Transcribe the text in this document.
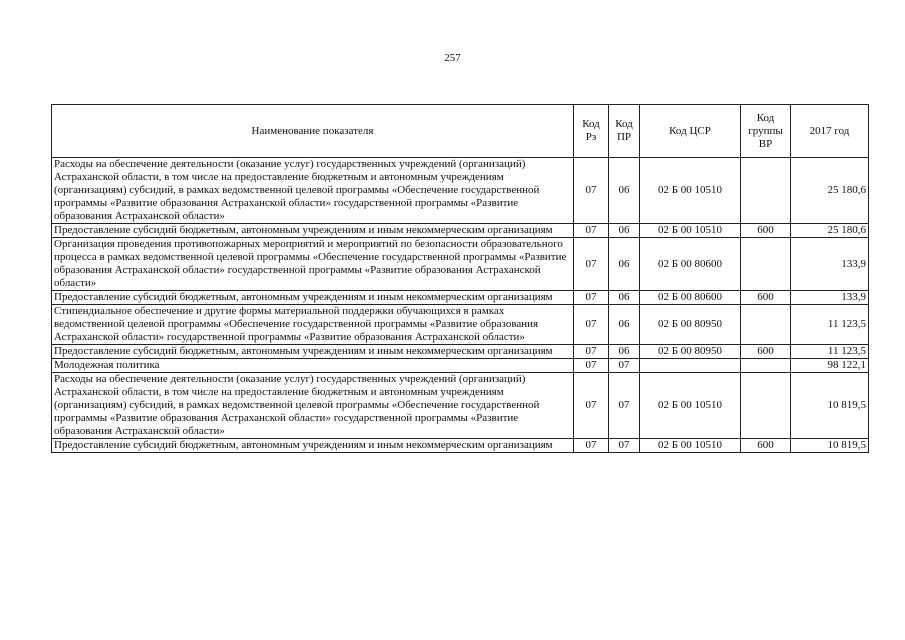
257
Наименование показателя	Код Рз	Код ПР	Код ЦСР	Код группы ВР	2017 год
Расходы на обеспечение деятельности (оказание услуг) государственных учреждений (организаций) Астраханской области, в том числе на предоставление бюджетным и автономным учреждениям (организациям) субсидий, в рамках ведомственной целевой программы «Обеспечение государственной программы «Развитие образования Астраханской области» государственной программы «Развитие образования Астраханской области»	07	06	02 Б 00 10510		25 180,6
Предоставление субсидий бюджетным, автономным учреждениям и иным некоммерческим организациям	07	06	02 Б 00 10510	600	25 180,6
Организация проведения противопожарных мероприятий и мероприятий по безопасности образовательного процесса в рамках ведомственной целевой программы «Обеспечение государственной программы «Развитие образования Астраханской области» государственной программы «Развитие образования Астраханской области»	07	06	02 Б 00 80600		133,9
Предоставление субсидий бюджетным, автономным учреждениям и иным некоммерческим организациям	07	06	02 Б 00 80600	600	133,9
Стипендиальное обеспечение и другие формы материальной поддержки обучающихся в рамках ведомственной целевой программы «Обеспечение государственной программы «Развитие образования Астраханской области» государственной программы «Развитие образования Астраханской области»	07	06	02 Б 00 80950		11 123,5
Предоставление субсидий бюджетным, автономным учреждениям и иным некоммерческим организациям	07	06	02 Б 00 80950	600	11 123,5
Молодежная политика	07	07			98 122,1
Расходы на обеспечение деятельности (оказание услуг) государственных учреждений (организаций) Астраханской области, в том числе на предоставление бюджетным и автономным учреждениям (организациям) субсидий, в рамках ведомственной целевой программы «Обеспечение государственной программы «Развитие образования Астраханской области» государственной программы «Развитие образования Астраханской области»	07	07	02 Б 00 10510		10 819,5
Предоставление субсидий бюджетным, автономным учреждениям и иным некоммерческим организациям	07	07	02 Б 00 10510	600	10 819,5
